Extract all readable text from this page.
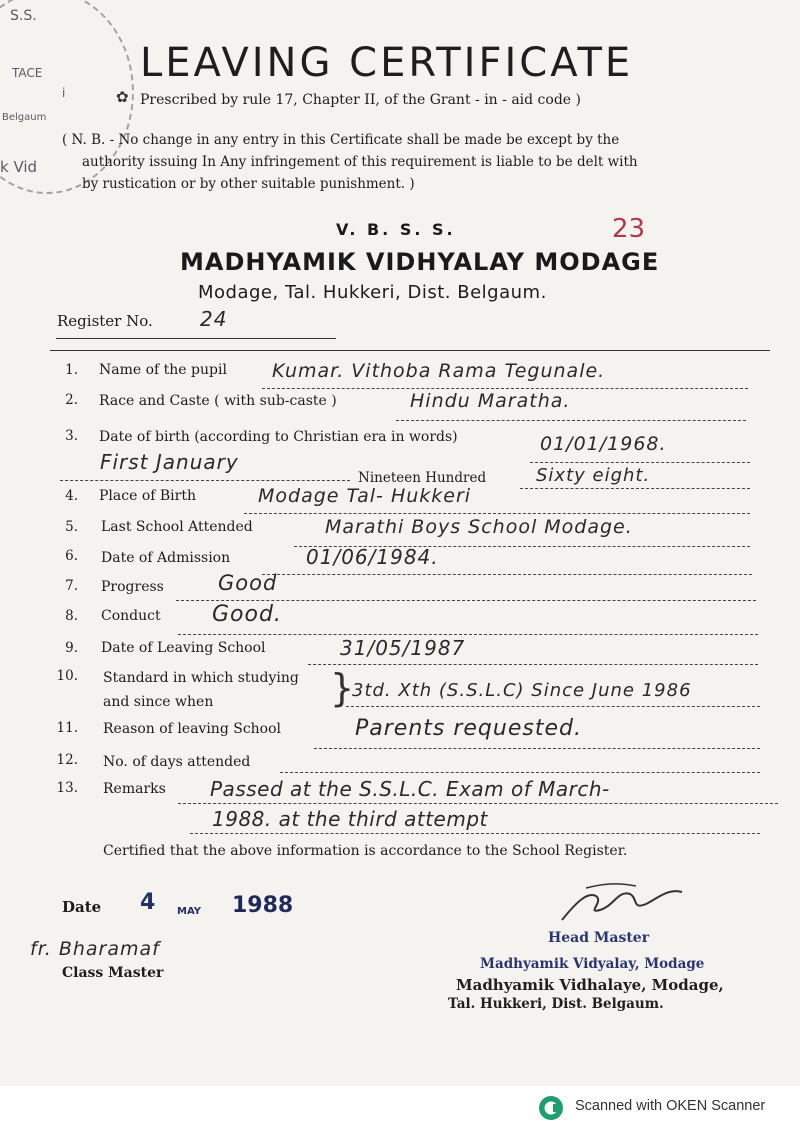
S.S.
TACE
i
Belgaum
k Vid
LEAVING CERTIFICATE
✿ Prescribed by rule 17, Chapter II, of the Grant - in - aid code )
( N. B. - No change in any entry in this Certificate shall be made be except by the
authority issuing In Any infringement of this requirement is liable to be delt with
by rustication or by other suitable punishment. )
V. B. S. S.	23
MADHYAMIK VIDHYALAY MODAGE
Modage, Tal. Hukkeri, Dist. Belgaum.
Register No. 24
1. Name of the pupil Kumar. Vithoba Rama Tegunale.
2. Race and Caste ( with sub-caste )	Hindu Maratha.
3. Date of birth (according to Christian era in words)	01/01/1968.
First January
Nineteen Hundred	Sixty eight.
4. Place of Birth	Modage Tal- Hukkeri
5. Last School Attended	Marathi Boys School Modage.
6. Date of Admission	01/06/1984.
7. Progress	Good
8. Conduct Good.
9. Date of Leaving School	31/05/1987
10. Standard in which studying
and since when	}
3td. Xth (S.S.L.C) Since June 1986
11. Reason of leaving School	Parents requested.
12. No. of days attended
13. Remarks Passed at the S.S.L.C. Exam of March-
1988. at the third attempt
Certified that the above information is accordance to the School Register.
Date 4 MAY 1988
fr. Bharamaf
Class Master
Head Master
Madhyamik Vidyalay, Modage
Madhyamik Vidhalaye, Modage,
Tal. Hukkeri, Dist. Belgaum.
Scanned with OKEN Scanner
